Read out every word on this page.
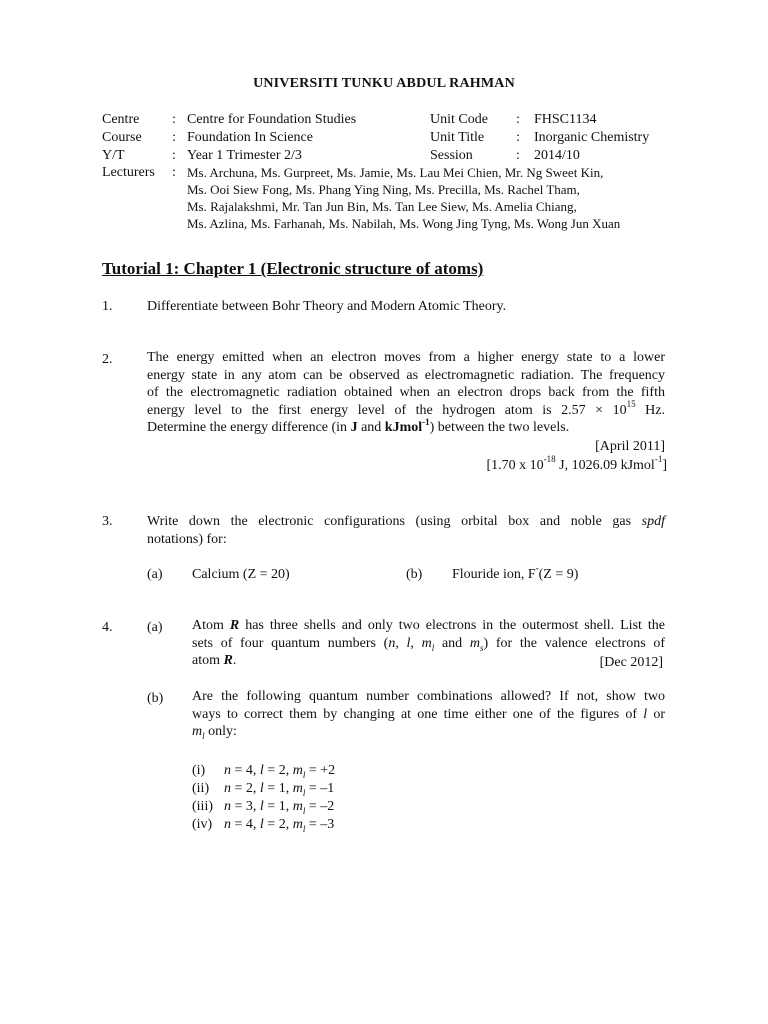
UNIVERSITI TUNKU ABDUL RAHMAN
Centre : Centre for Foundation Studies	Unit Code : FHSC1134
Course : Foundation In Science	Unit Title : Inorganic Chemistry
Y/T	: Year 1 Trimester 2/3	Session	: 2014/10
Lecturers : Ms. Archuna, Ms. Gurpreet, Ms. Jamie, Ms. Lau Mei Chien, Mr. Ng Sweet Kin,
Ms. Ooi Siew Fong, Ms. Phang Ying Ning, Ms. Precilla, Ms. Rachel Tham,
Ms. Rajalakshmi, Mr. Tan Jun Bin, Ms. Tan Lee Siew, Ms. Amelia Chiang,
Ms. Azlina, Ms. Farhanah, Ms. Nabilah, Ms. Wong Jing Tyng, Ms. Wong Jun Xuan
Tutorial 1: Chapter 1 (Electronic structure of atoms)
1. Differentiate between Bohr Theory and Modern Atomic Theory.
2. The energy emitted when an electron moves from a higher energy state to a lower
energy state in any atom can be observed as electromagnetic radiation. The frequency
of the electromagnetic radiation obtained when an electron drops back from the fifth
energy level to the first energy level of the hydrogen atom is $2.57 \times 10^{15}$ Hz.
Determine the energy difference (in J and kJmol$^{-1}$) between the two levels.
[April 2011]
[1.70 x $10^{-18}$ J, 1026.09 kJmol$^{-1}$]
3. Write down the electronic configurations (using orbital box and noble gas spdf
notations) for:
(a) Calcium (Z = 20)	(b) Flouride ion, F-(Z = 9)
4. (a) Atom R has three shells and only two electrons in the outermost shell. List the
sets of four quantum numbers (n, l, $m_l$ and $m_s$) for the valence electrons of
atom R.	[Dec 2012]
(b) Are the following quantum number combinations allowed? If not, show two
ways to correct them by changing at one time either one of the figures of l or
$m_l$ only:
(i) n = 4, l = 2, $m_l = +2$
(ii) n = 2, l = 1, $m_l = -1$
(iii) n = 3, l = 1, $m_l = -2$
(iv) n = 4, l = 2, $m_l = -3$
